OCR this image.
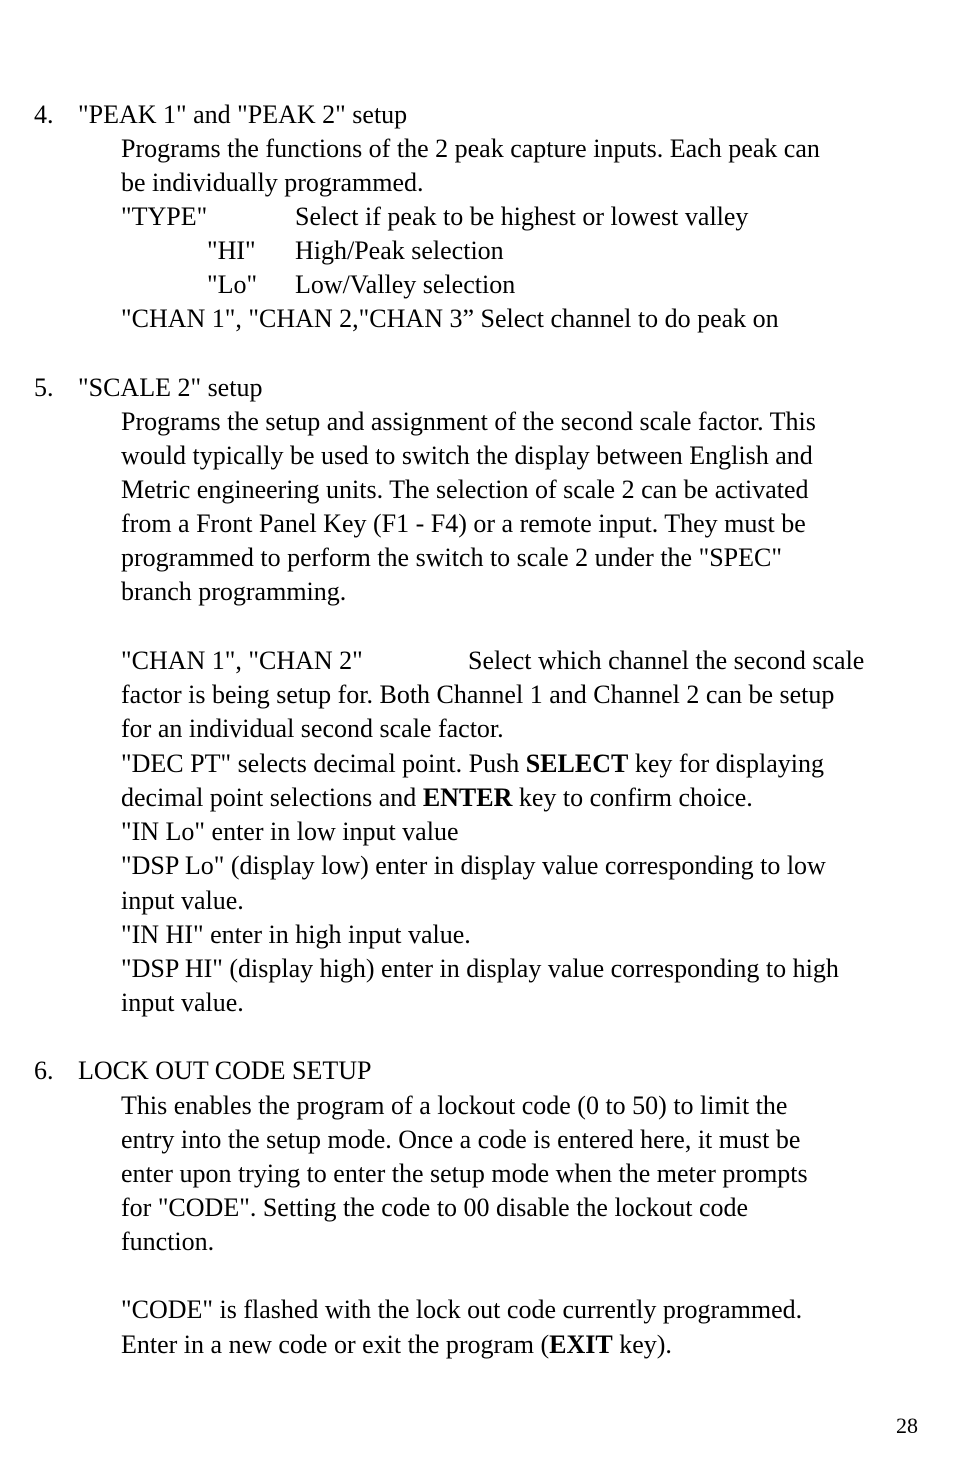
4. "PEAK 1" and "PEAK 2" setup
Programs the functions of the 2 peak capture inputs. Each peak can
be individually programmed.
"TYPE"	Select if peak to be highest or lowest valley
"HI" High/Peak selection
"Lo" Low/Valley selection
"CHAN 1", "CHAN 2,"CHAN 3” Select channel to do peak on
5. "SCALE 2" setup
Programs the setup and assignment of the second scale factor. This
would typically be used to switch the display between English and
Metric engineering units. The selection of scale 2 can be activated
from a Front Panel Key (F1 - F4) or a remote input. They must be
programmed to perform the switch to scale 2 under the "SPEC"
branch programming.
"CHAN 1", "CHAN 2"	Select which channel the second scale
factor is being setup for. Both Channel 1 and Channel 2 can be setup
for an individual second scale factor.
"DEC PT" selects decimal point. Push SELECT key for displaying
decimal point selections and ENTER key to confirm choice.
"IN Lo" enter in low input value
"DSP Lo" (display low) enter in display value corresponding to low
input value.
"IN HI" enter in high input value.
"DSP HI" (display high) enter in display value corresponding to high
input value.
6. LOCK OUT CODE SETUP
This enables the program of a lockout code (0 to 50) to limit the
entry into the setup mode. Once a code is entered here, it must be
enter upon trying to enter the setup mode when the meter prompts
for "CODE". Setting the code to 00 disable the lockout code
function.
"CODE" is flashed with the lock out code currently programmed.
Enter in a new code or exit the program (EXIT key).
28
